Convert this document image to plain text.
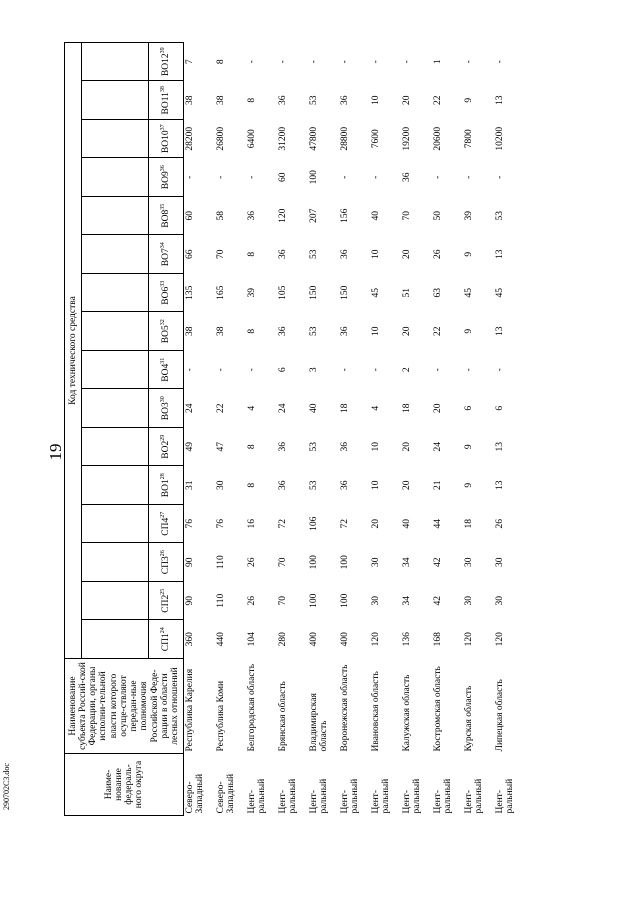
19
Наиме-нование федераль-ного округа	Наименование субъекта Россий-ской Федерации, органы исполни-тельной власти которого осуще-ствляют передан-ные полномочия Российской Феде-рации в области лесных отношений	Код технического средства															

		$СП1^{24}$	$СП2^{25}$	$СП3^{26}$	$СП4^{27}$	$ВО1^{28}$	$ВО2^{29}$	$ВО3^{30}$	$ВО4^{31}$	$ВО5^{32}$	$ВО6^{33}$	$ВО7^{34}$	$ВО8^{35}$	$ВО9^{36}$	$ВО10^{37}$	$ВО11^{38}$	$ВО12^{39}$
Северо-Западный	Республика Карелия	360	90	90	76	31	49	24	-	38	135	66	60	-	28200	38	7
Северо-Западный	Республика Коми	440	110	110	76	30	47	22	-	38	165	70	58	-	26800	38	8
Цент-ральный	Белгородская область	104	26	26	16	8	8	4	-	8	39	8	36	-	6400	8	-
Цент-ральный	Брянская область	280	70	70	72	36	36	24	6	36	105	36	120	60	31200	36	-
Цент-ральный	Владимирская область	400	100	100	106	53	53	40	3	53	150	53	207	100	47800	53	-
Цент-ральный	Воронежская область	400	100	100	72	36	36	18	-	36	150	36	156	-	28800	36	-
Цент-ральный	Ивановская область	120	30	30	20	10	10	4	-	10	45	10	40	-	7600	10	-
Цент-ральный	Калужская область	136	34	34	40	20	20	18	2	20	51	20	70	36	19200	20	-
Цент-ральный	Костромская область	168	42	42	44	21	24	20	-	22	63	26	50	-	20600	22	1
Цент-ральный	Курская область	120	30	30	18	9	9	6	-	9	45	9	39	-	7800	9	-
Цент-ральный	Липецкая область	120	30	30	26	13	13	6	-	13	45	13	53	-	10200	13	-
290702C3.doc
